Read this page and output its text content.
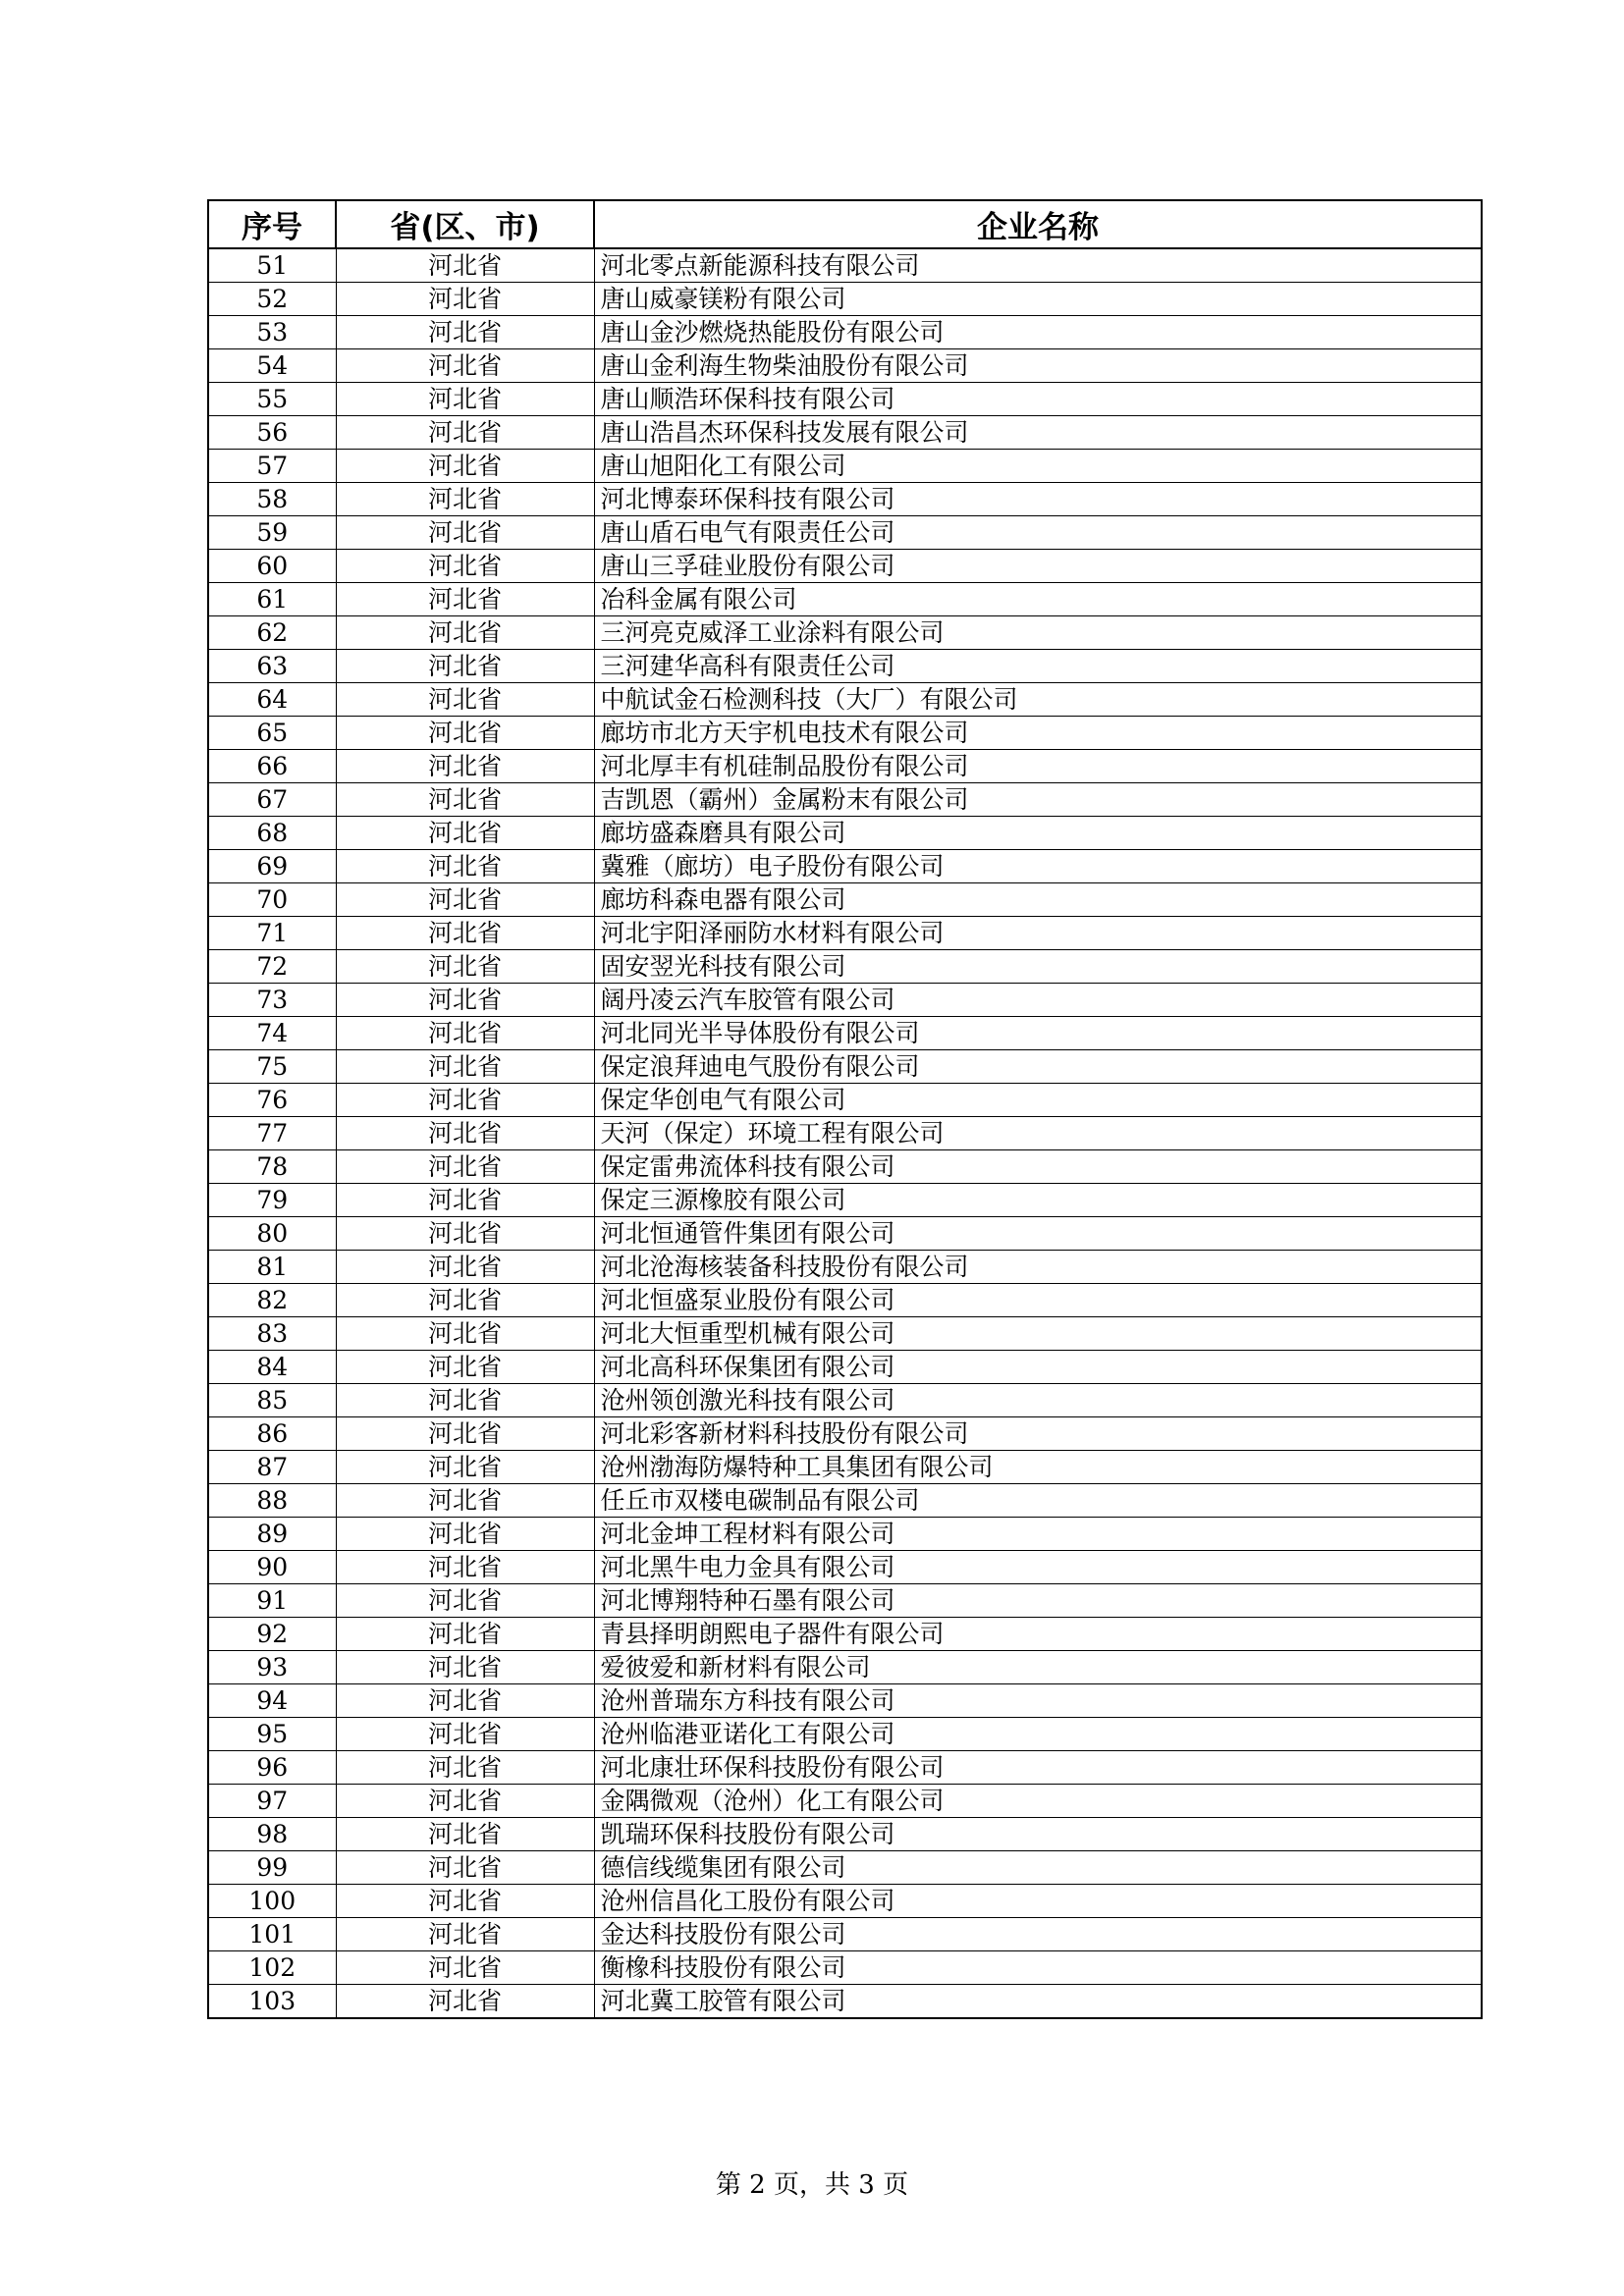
序号	省(区、市)	企业名称
51	河北省	河北零点新能源科技有限公司
52	河北省	唐山威豪镁粉有限公司
53	河北省	唐山金沙燃烧热能股份有限公司
54	河北省	唐山金利海生物柴油股份有限公司
55	河北省	唐山顺浩环保科技有限公司
56	河北省	唐山浩昌杰环保科技发展有限公司
57	河北省	唐山旭阳化工有限公司
58	河北省	河北博泰环保科技有限公司
59	河北省	唐山盾石电气有限责任公司
60	河北省	唐山三孚硅业股份有限公司
61	河北省	冶科金属有限公司
62	河北省	三河亮克威泽工业涂料有限公司
63	河北省	三河建华高科有限责任公司
64	河北省	中航试金石检测科技（大厂）有限公司
65	河北省	廊坊市北方天宇机电技术有限公司
66	河北省	河北厚丰有机硅制品股份有限公司
67	河北省	吉凯恩（霸州）金属粉末有限公司
68	河北省	廊坊盛森磨具有限公司
69	河北省	冀雅（廊坊）电子股份有限公司
70	河北省	廊坊科森电器有限公司
71	河北省	河北宇阳泽丽防水材料有限公司
72	河北省	固安翌光科技有限公司
73	河北省	阔丹凌云汽车胶管有限公司
74	河北省	河北同光半导体股份有限公司
75	河北省	保定浪拜迪电气股份有限公司
76	河北省	保定华创电气有限公司
77	河北省	天河（保定）环境工程有限公司
78	河北省	保定雷弗流体科技有限公司
79	河北省	保定三源橡胶有限公司
80	河北省	河北恒通管件集团有限公司
81	河北省	河北沧海核装备科技股份有限公司
82	河北省	河北恒盛泵业股份有限公司
83	河北省	河北大恒重型机械有限公司
84	河北省	河北高科环保集团有限公司
85	河北省	沧州领创激光科技有限公司
86	河北省	河北彩客新材料科技股份有限公司
87	河北省	沧州渤海防爆特种工具集团有限公司
88	河北省	任丘市双楼电碳制品有限公司
89	河北省	河北金坤工程材料有限公司
90	河北省	河北黑牛电力金具有限公司
91	河北省	河北博翔特种石墨有限公司
92	河北省	青县择明朗熙电子器件有限公司
93	河北省	爱彼爱和新材料有限公司
94	河北省	沧州普瑞东方科技有限公司
95	河北省	沧州临港亚诺化工有限公司
96	河北省	河北康壮环保科技股份有限公司
97	河北省	金隅微观（沧州）化工有限公司
98	河北省	凯瑞环保科技股份有限公司
99	河北省	德信线缆集团有限公司
100	河北省	沧州信昌化工股份有限公司
101	河北省	金达科技股份有限公司
102	河北省	衡橡科技股份有限公司
103	河北省	河北冀工胶管有限公司
第 2 页，共 3 页
